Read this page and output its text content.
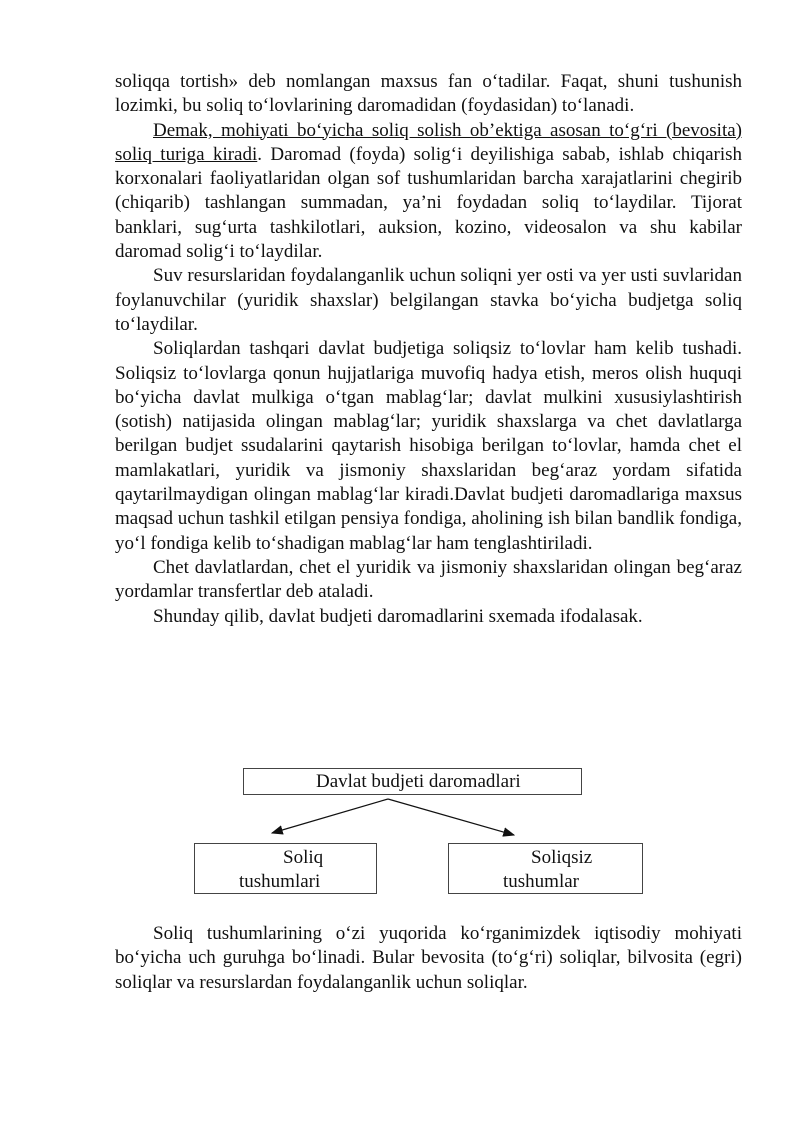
soliqqa tortish» deb nomlangan maxsus fan o‘tadilar. Faqat, shuni tushunish lozimki, bu soliq to‘lovlarining daromadidan (foydasidan) to‘lanadi.

Demak, mohiyati bo‘yicha soliq solish ob’ektiga asosan to‘g‘ri (bevosita) soliq turiga kiradi. Daromad (foyda) solig‘i deyilishiga sabab, ishlab chiqarish korxonalari faoliyatlaridan olgan sof tushumlaridan barcha xarajatlarini chegirib (chiqarib) tashlangan summadan, ya’ni foydadan soliq to‘laydilar. Tijorat banklari, sug‘urta tashkilotlari, auksion, kozino, videosalon va shu kabilar daromad solig‘i to‘laydilar.

Suv resurslaridan foydalanganlik uchun soliqni yer osti va yer usti suvlaridan foylanuvchilar (yuridik shaxslar) belgilangan stavka bo‘yicha budjetga soliq to‘laydilar.

Soliqlardan tashqari davlat budjetiga soliqsiz to‘lovlar ham kelib tushadi. Soliqsiz to‘lovlarga qonun hujjatlariga muvofiq hadya etish, meros olish huquqi bo‘yicha davlat mulkiga o‘tgan mablag‘lar; davlat mulkini xususiylashtirish (sotish) natijasida olingan mablag‘lar; yuridik shaxslarga va chet davlatlarga berilgan budjet ssudalarini qaytarish hisobiga berilgan to‘lovlar, hamda chet el mamlakatlari, yuridik va jismoniy shaxslaridan beg‘araz yordam sifatida qaytarilmaydigan olingan mablag‘lar kiradi.Davlat budjeti daromadlariga maxsus maqsad uchun tashkil etilgan pensiya fondiga, aholining ish bilan bandlik fondiga, yo‘l fondiga kelib to‘shadigan mablag‘lar ham tenglashtiriladi.

Chet davlatlardan, chet el yuridik va jismoniy shaxslaridan olingan beg‘araz yordamlar transfertlar deb ataladi.

Shunday qilib, davlat budjeti daromadlarini sxemada ifodalasak.

Davlat budjeti daromadlari
Soliq
tushumlari
Soliqsiz
tushumlar

Soliq tushumlarining o‘zi yuqorida ko‘rganimizdek iqtisodiy mohiyati bo‘yicha uch guruhga bo‘linadi. Bular bevosita (to‘g‘ri) soliqlar, bilvosita (egri) soliqlar va resurslardan foydalanganlik uchun soliqlar.
